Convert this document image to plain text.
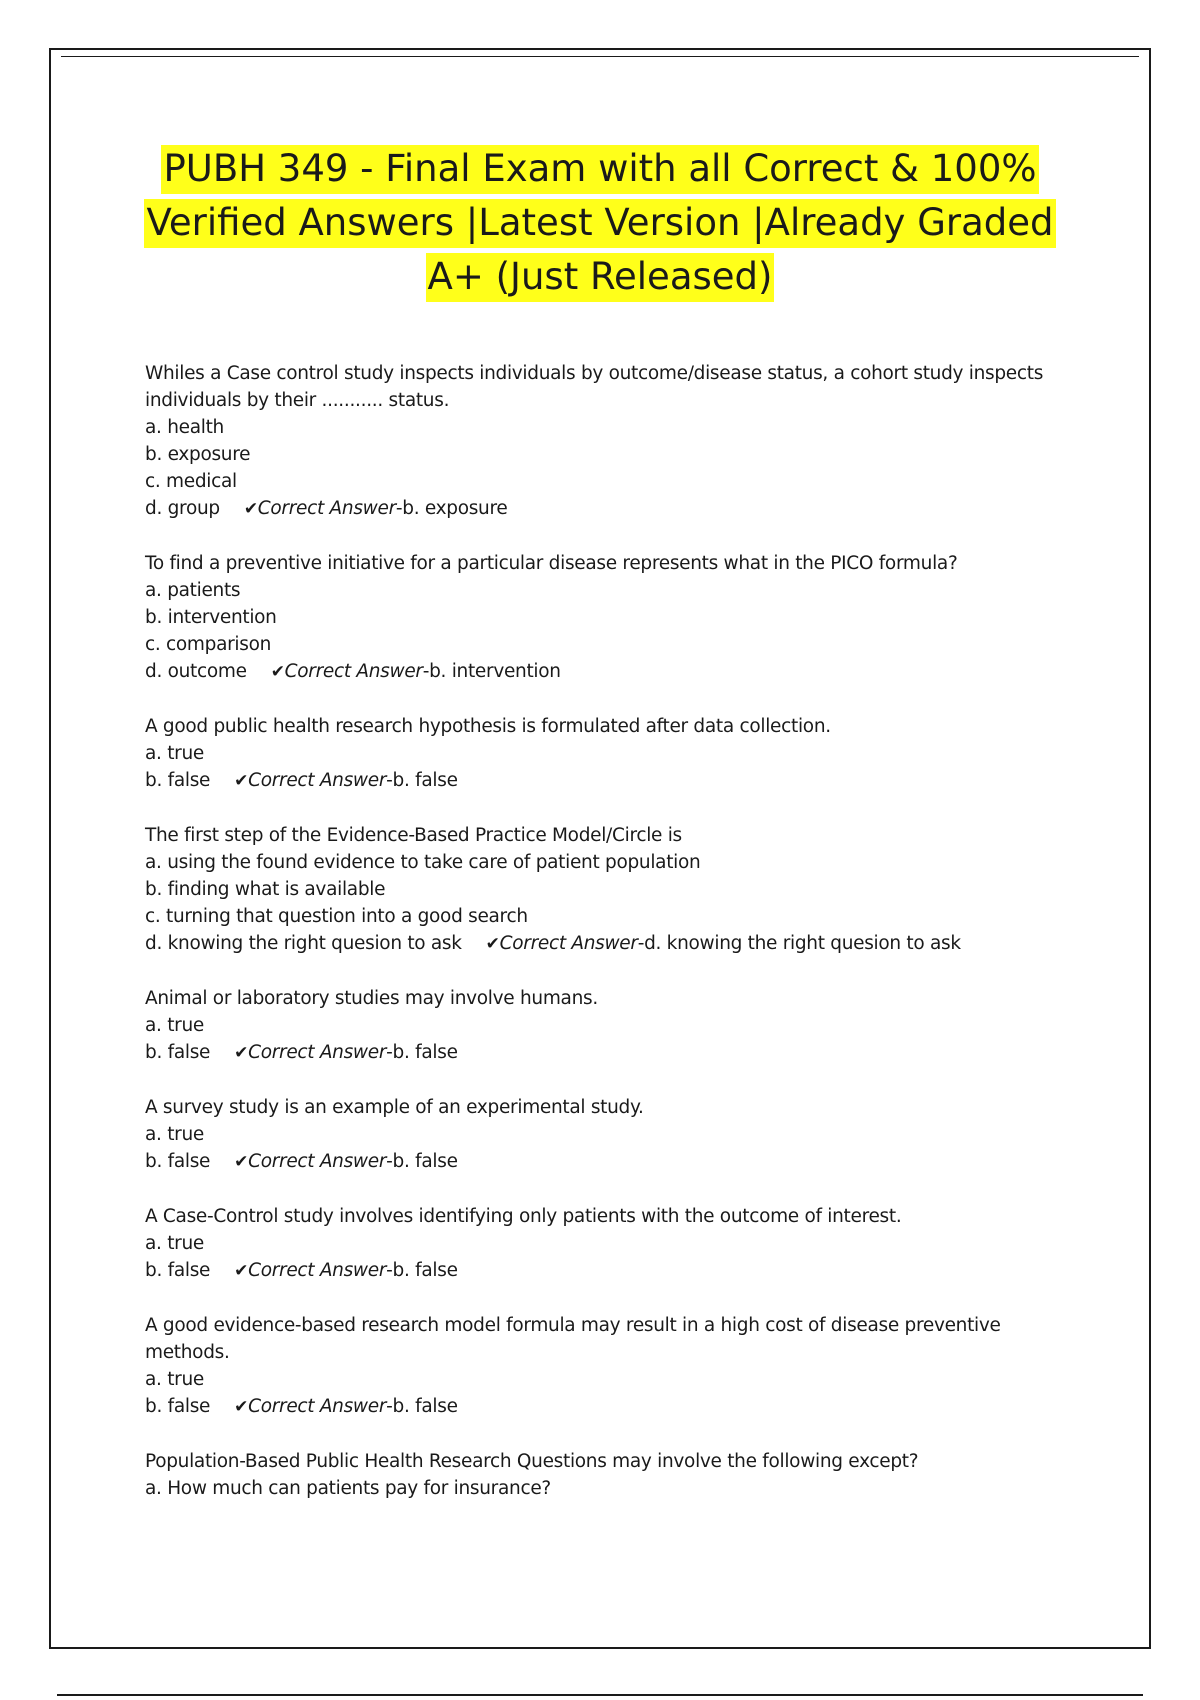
PUBH 349 - Final Exam with all Correct & 100%
Verified Answers |Latest Version |Already Graded
A+ (Just Released)
Whiles a Case control study inspects individuals by outcome/disease status, a cohort study inspects individuals by their ........... status.
a. health
b. exposure
c. medical
d. group ✔Correct Answer-b. exposure
To find a preventive initiative for a particular disease represents what in the PICO formula?
a. patients
b. intervention
c. comparison
d. outcome ✔Correct Answer-b. intervention
A good public health research hypothesis is formulated after data collection.
a. true
b. false ✔Correct Answer-b. false
The first step of the Evidence-Based Practice Model/Circle is
a. using the found evidence to take care of patient population
b. finding what is available
c. turning that question into a good search
d. knowing the right quesion to ask ✔Correct Answer-d. knowing the right quesion to ask
Animal or laboratory studies may involve humans.
a. true
b. false ✔Correct Answer-b. false
A survey study is an example of an experimental study.
a. true
b. false ✔Correct Answer-b. false
A Case-Control study involves identifying only patients with the outcome of interest.
a. true
b. false ✔Correct Answer-b. false
A good evidence-based research model formula may result in a high cost of disease preventive methods.
a. true
b. false ✔Correct Answer-b. false
Population-Based Public Health Research Questions may involve the following except?
a. How much can patients pay for insurance?
